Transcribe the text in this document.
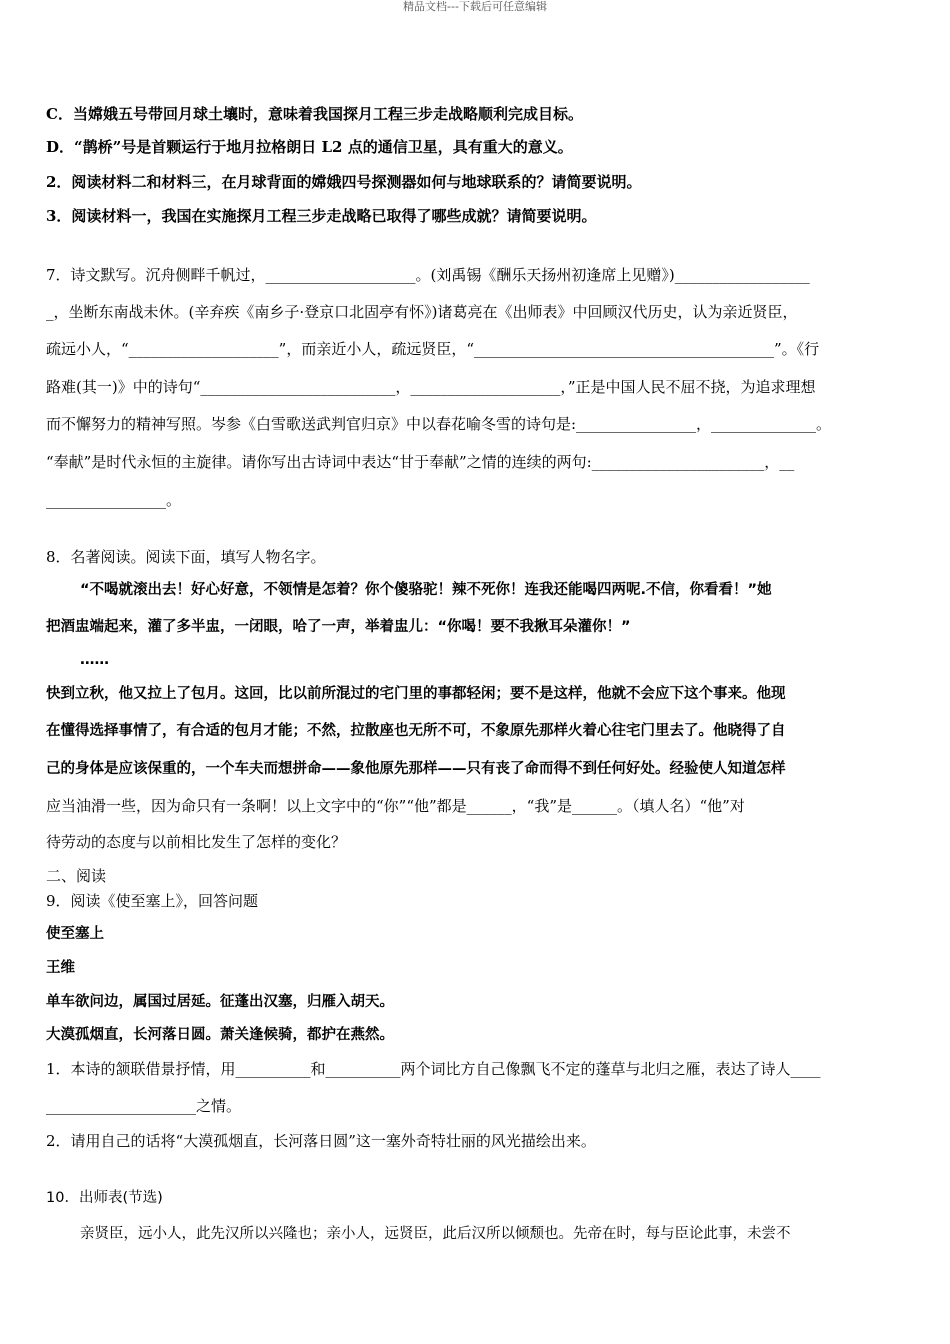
精品文档---下载后可任意编辑
C．当嫦娥五号带回月球土壤时，意味着我国探月工程三步走战略顺利完成目标。
D．“鹊桥”号是首颗运行于地月拉格朗日 L2 点的通信卫星，具有重大的意义。
2．阅读材料二和材料三，在月球背面的嫦娥四号探测器如何与地球联系的？请简要说明。
3．阅读材料一，我国在实施探月工程三步走战略已取得了哪些成就？请简要说明。
7．诗文默写。沉舟侧畔千帆过，____________________。(刘禹锡《酬乐天扬州初逢席上见赠》)__________________
_，坐断东南战未休。(辛弃疾《南乡子·登京口北固亭有怀》)诸葛亮在《出师表》中回顾汉代历史，认为亲近贤臣，
疏远小人，“____________________”，而亲近小人，疏远贤臣，“________________________________________”。《行
路难(其一)》中的诗句“__________________________，____________________，”正是中国人民不屈不挠，为追求理想
而不懈努力的精神写照。岑参《白雪歌送武判官归京》中以春花喻冬雪的诗句是:________________，______________。
“奉献”是时代永恒的主旋律。请你写出古诗词中表达“甘于奉献”之情的连续的两句:_______________________，__
________________。
8．名著阅读。阅读下面，填写人物名字。
“不喝就滚出去！好心好意，不领情是怎着？你个傻骆驼！辣不死你！连我还能喝四两呢.不信，你看看！”她
把酒盅端起来，灌了多半盅，一闭眼，哈了一声，举着盅儿：“你喝！要不我揪耳朵灌你！”
……
快到立秋，他又拉上了包月。这回，比以前所混过的宅门里的事都轻闲；要不是这样，他就不会应下这个事来。他现
在懂得选择事情了，有合适的包月才能；不然，拉散座也无所不可，不象原先那样火着心往宅门里去了。他晓得了自
己的身体是应该保重的，一个车夫而想拼命——象他原先那样——只有丧了命而得不到任何好处。经验使人知道怎样
应当油滑一些，因为命只有一条啊！以上文字中的“你”“他”都是______，“我”是______。（填人名）“他”对
待劳动的态度与以前相比发生了怎样的变化？
二、阅读
9．阅读《使至塞上》，回答问题
使至塞上
王维
单车欲问边，属国过居延。征蓬出汉塞，归雁入胡天。
大漠孤烟直，长河落日圆。萧关逢候骑，都护在燕然。
1．本诗的颔联借景抒情，用__________和__________两个词比方自己像飘飞不定的蓬草与北归之雁，表达了诗人____
____________________之情。
2．请用自己的话将“大漠孤烟直，长河落日圆”这一塞外奇特壮丽的风光描绘出来。
10．出师表(节选)
亲贤臣，远小人，此先汉所以兴隆也；亲小人，远贤臣，此后汉所以倾颓也。先帝在时，每与臣论此事，未尝不
